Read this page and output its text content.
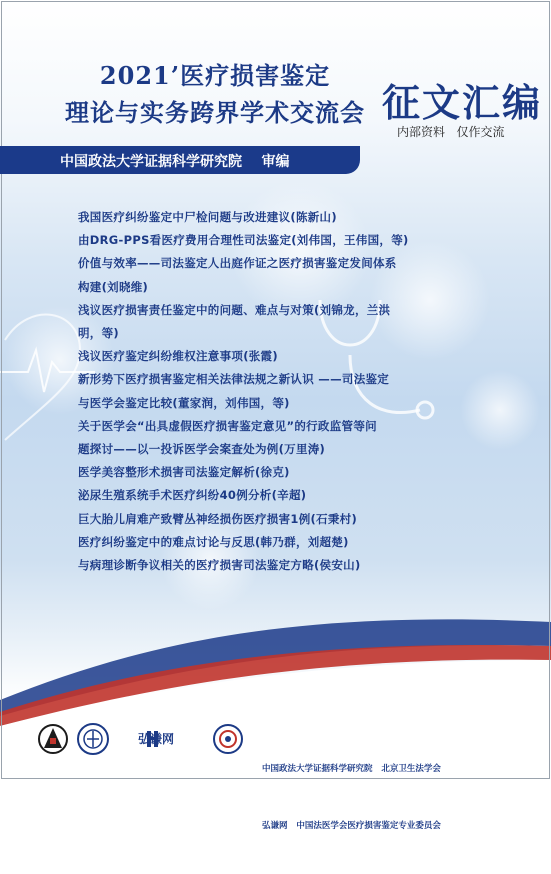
2021’医疗损害鉴定
理论与实务跨界学术交流会 征文汇编
内部资料   仅作交流
中国政法大学证据科学研究院    审编
我国医疗纠纷鉴定中尸检问题与改进建议(陈新山)
由DRG-PPS看医疗费用合理性司法鉴定(刘伟国，王伟国，等)
价值与效率——司法鉴定人出庭作证之医疗损害鉴定发间体系
构建(刘晓维)
浅议医疗损害责任鉴定中的问题、难点与对策(刘锦龙，兰洪
明，等)
浅议医疗鉴定纠纷维权注意事项(张霞)
新形势下医疗损害鉴定相关法律法规之新认识 ——司法鉴定
与医学会鉴定比较(董家润，刘伟国，等)
关于医学会“出具虚假医疗损害鉴定意见”的行政监管等问
题探讨——以一投诉医学会案查处为例(万里涛)
医学美容整形术损害司法鉴定解析(徐克)
泌尿生殖系统手术医疗纠纷40例分析(辛超)
巨大胎儿肩难产致臂丛神经损伤医疗损害1例(石秉村)
医疗纠纷鉴定中的难点讨论与反思(韩乃群，刘超楚)
与病理诊断争议相关的医疗损害司法鉴定方略(侯安山)
弘谦网

中国政法大学证据科学研究院   北京卫生法学会

弘谦网   中国法医学会医疗损害鉴定专业委员会
